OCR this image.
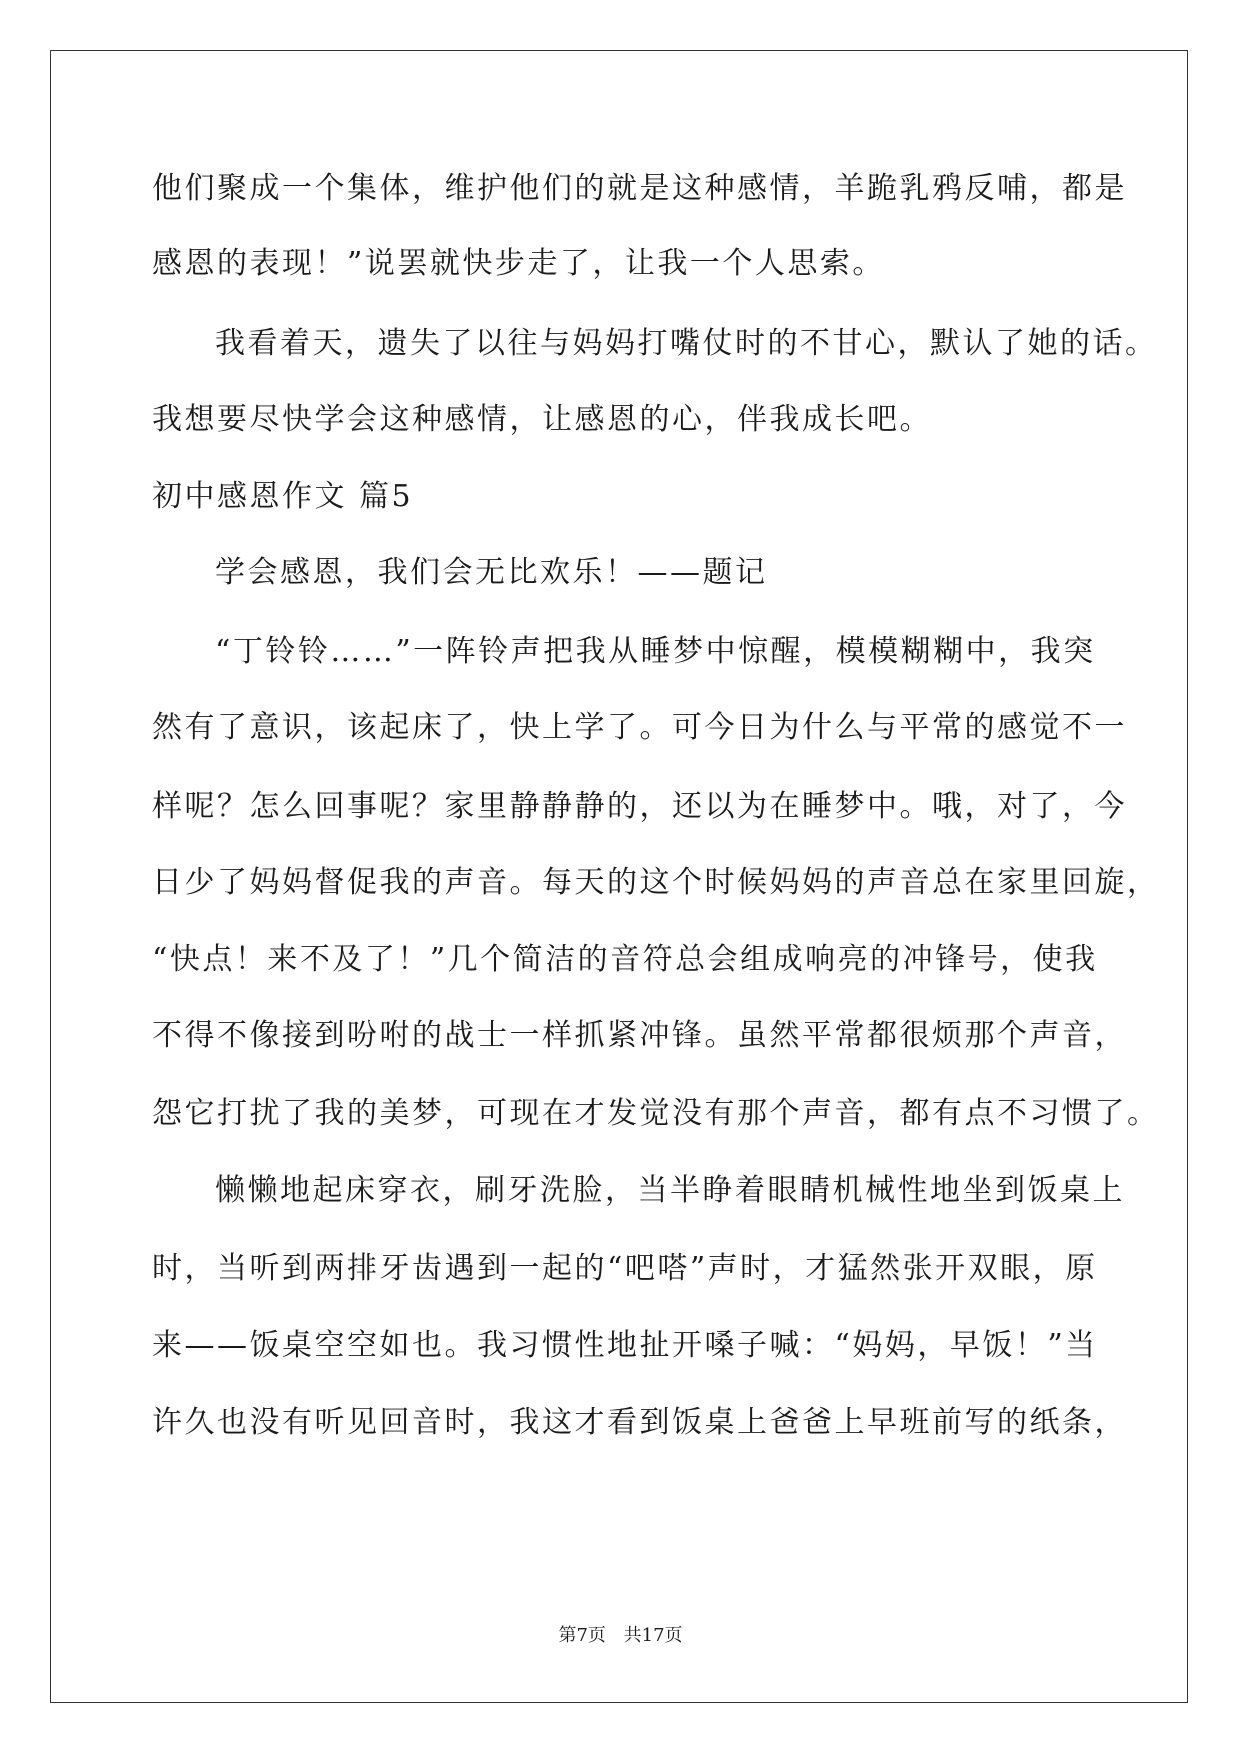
他们聚成一个集体，维护他们的就是这种感情，羊跪乳鸦反哺，都是
感恩的表现！”说罢就快步走了，让我一个人思索。
我看着天，遗失了以往与妈妈打嘴仗时的不甘心，默认了她的话。
我想要尽快学会这种感情，让感恩的心，伴我成长吧。
初中感恩作文 篇5
学会感恩，我们会无比欢乐！——题记
“丁铃铃……”一阵铃声把我从睡梦中惊醒，模模糊糊中，我突
然有了意识，该起床了，快上学了。可今日为什么与平常的感觉不一
样呢？怎么回事呢？家里静静静的，还以为在睡梦中。哦，对了，今
日少了妈妈督促我的声音。每天的这个时候妈妈的声音总在家里回旋，
“快点！来不及了！”几个简洁的音符总会组成响亮的冲锋号，使我
不得不像接到吩咐的战士一样抓紧冲锋。虽然平常都很烦那个声音，
怨它打扰了我的美梦，可现在才发觉没有那个声音，都有点不习惯了。
懒懒地起床穿衣，刷牙洗脸，当半睁着眼睛机械性地坐到饭桌上
时，当听到两排牙齿遇到一起的“吧嗒”声时，才猛然张开双眼，原
来——饭桌空空如也。我习惯性地扯开嗓子喊：“妈妈，早饭！”当
许久也没有听见回音时，我这才看到饭桌上爸爸上早班前写的纸条，
第7页 共17页
